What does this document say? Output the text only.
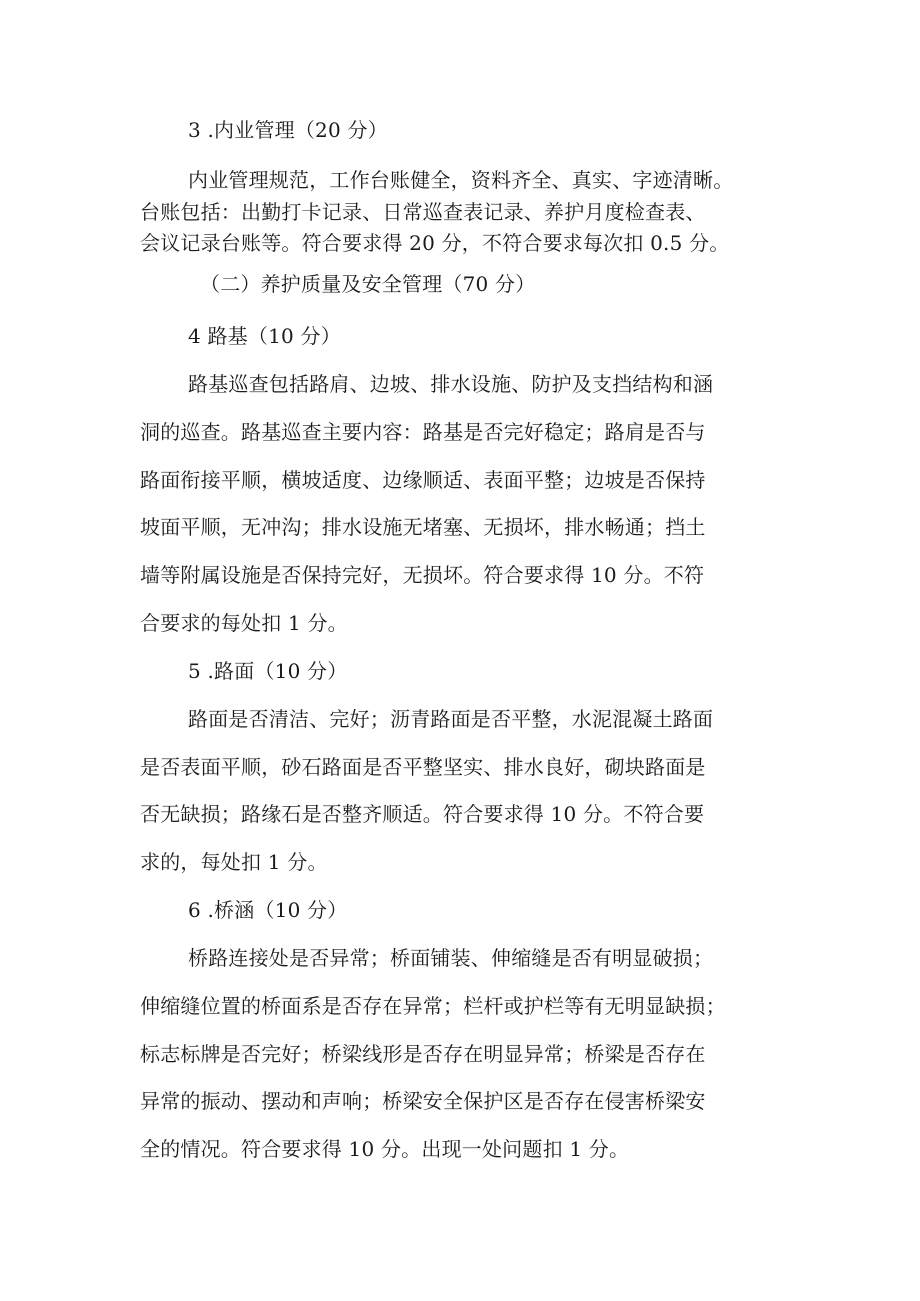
3 .内业管理（20 分）
内业管理规范，工作台账健全，资料齐全、真实、字迹清晰。
台账包括：出勤打卡记录、日常巡查表记录、养护月度检查表、
会议记录台账等。符合要求得 20 分，不符合要求每次扣 0.5 分。
（二）养护质量及安全管理（70 分）
4 路基（10 分）
路基巡查包括路肩、边坡、排水设施、防护及支挡结构和涵
洞的巡查。路基巡查主要内容：路基是否完好稳定；路肩是否与
路面衔接平顺，横坡适度、边缘顺适、表面平整；边坡是否保持
坡面平顺，无冲沟；排水设施无堵塞、无损坏，排水畅通；挡土
墙等附属设施是否保持完好，无损坏。符合要求得 10 分。不符
合要求的每处扣 1 分。
5 .路面（10 分）
路面是否清洁、完好；沥青路面是否平整，水泥混凝土路面
是否表面平顺，砂石路面是否平整坚实、排水良好，砌块路面是
否无缺损；路缘石是否整齐顺适。符合要求得 10 分。不符合要
求的，每处扣 1 分。
6 .桥涵（10 分）
桥路连接处是否异常；桥面铺装、伸缩缝是否有明显破损；
伸缩缝位置的桥面系是否存在异常；栏杆或护栏等有无明显缺损；
标志标牌是否完好；桥梁线形是否存在明显异常；桥梁是否存在
异常的振动、摆动和声响；桥梁安全保护区是否存在侵害桥梁安
全的情况。符合要求得 10 分。出现一处问题扣 1 分。
